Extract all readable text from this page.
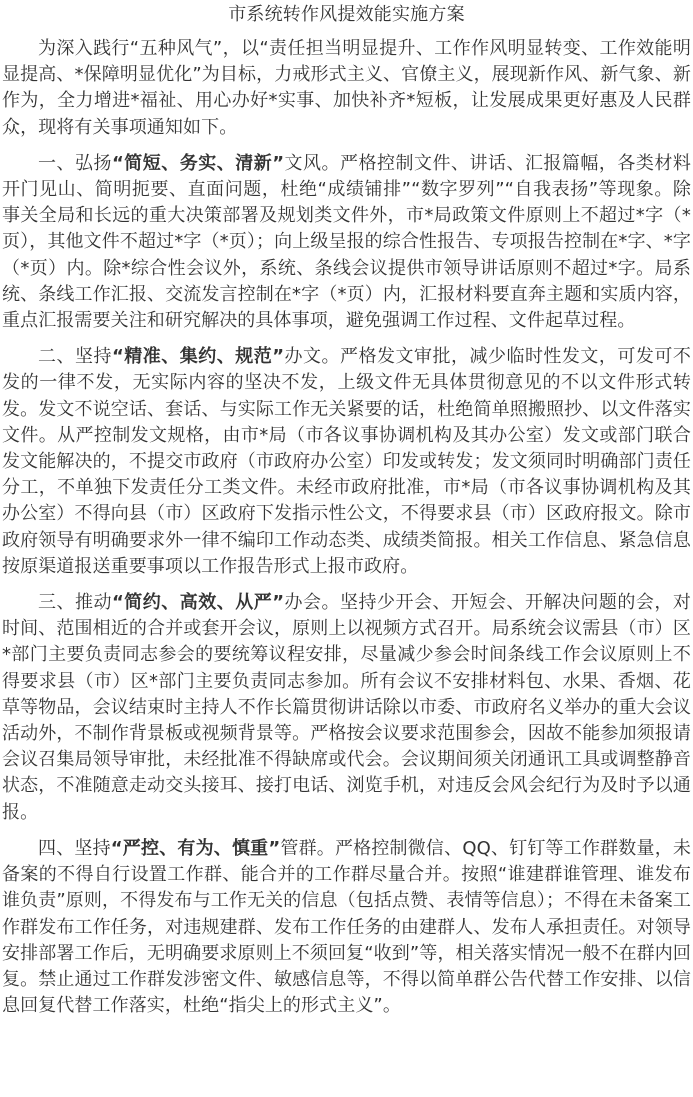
市系统转作风提效能实施方案

为深入践行“五种风气”，以“责任担当明显提升、工作作风明显转变、工作效能明显提高、*保障明显优化”为目标，力戒形式主义、官僚主义，展现新作风、新气象、新作为，全力增进*福祉、用心办好*实事、加快补齐*短板，让发展成果更好惠及人民群众，现将有关事项通知如下。

一、弘扬“简短、务实、清新”文风。严格控制文件、讲话、汇报篇幅，各类材料开门见山、简明扼要、直面问题，杜绝“成绩铺排”“数字罗列”“自我表扬”等现象。除事关全局和长远的重大决策部署及规划类文件外，市*局政策文件原则上不超过*字（*页），其他文件不超过*字（*页）；向上级呈报的综合性报告、专项报告控制在*字、*字（*页）内。除*综合性会议外，系统、条线会议提供市领导讲话原则不超过*字。局系统、条线工作汇报、交流发言控制在*字（*页）内，汇报材料要直奔主题和实质内容，重点汇报需要关注和研究解决的具体事项，避免强调工作过程、文件起草过程。

二、坚持“精准、集约、规范”办文。严格发文审批，减少临时性发文，可发可不发的一律不发，无实际内容的坚决不发，上级文件无具体贯彻意见的不以文件形式转发。发文不说空话、套话、与实际工作无关紧要的话，杜绝简单照搬照抄、以文件落实文件。从严控制发文规格，由市*局（市各议事协调机构及其办公室）发文或部门联合发文能解决的，不提交市政府（市政府办公室）印发或转发；发文须同时明确部门责任分工，不单独下发责任分工类文件。未经市政府批准，市*局（市各议事协调机构及其办公室）不得向县（市）区政府下发指示性公文，不得要求县（市）区政府报文。除市政府领导有明确要求外一律不编印工作动态类、成绩类简报。相关工作信息、紧急信息按原渠道报送重要事项以工作报告形式上报市政府。

三、推动“简约、高效、从严”办会。坚持少开会、开短会、开解决问题的会，对时间、范围相近的合并或套开会议，原则上以视频方式召开。局系统会议需县（市）区*部门主要负责同志参会的要统筹议程安排，尽量减少参会时间条线工作会议原则上不得要求县（市）区*部门主要负责同志参加。所有会议不安排材料包、水果、香烟、花草等物品，会议结束时主持人不作长篇贯彻讲话除以市委、市政府名义举办的重大会议活动外，不制作背景板或视频背景等。严格按会议要求范围参会，因故不能参加须报请会议召集局领导审批，未经批准不得缺席或代会。会议期间须关闭通讯工具或调整静音状态，不准随意走动交头接耳、接打电话、浏览手机，对违反会风会纪行为及时予以通报。

四、坚持“严控、有为、慎重”管群。严格控制微信、QQ、钉钉等工作群数量，未备案的不得自行设置工作群、能合并的工作群尽量合并。按照“谁建群谁管理、谁发布谁负责”原则，不得发布与工作无关的信息（包括点赞、表情等信息）；不得在未备案工作群发布工作任务，对违规建群、发布工作任务的由建群人、发布人承担责任。对领导安排部署工作后，无明确要求原则上不须回复“收到”等，相关落实情况一般不在群内回复。禁止通过工作群发涉密文件、敏感信息等，不得以简单群公告代替工作安排、以信息回复代替工作落实，杜绝“指尖上的形式主义”。
